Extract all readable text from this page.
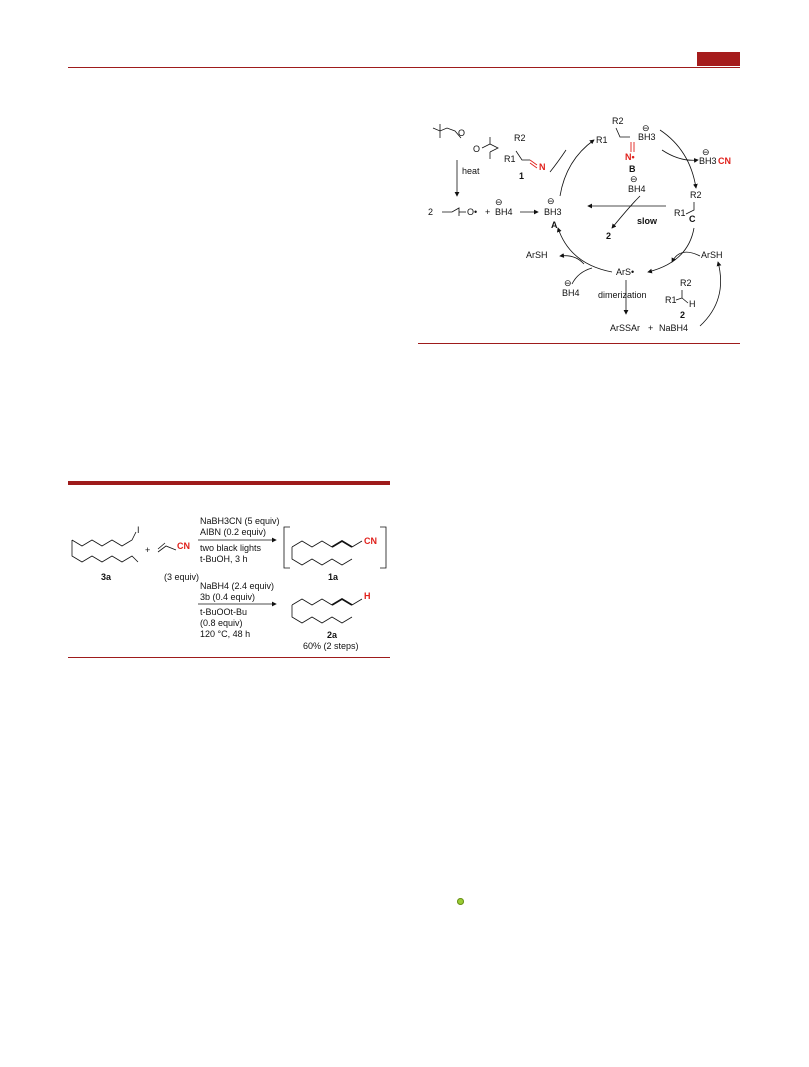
I
3a
+	CN
(3 equiv)
NaBH3CN (5 equiv)
AIBN (0.2 equiv)
two black lights
t-BuOH, 3 h
CN
1a
NaBH4 (2.4 equiv)
3b (0.4 equiv)
t-BuOOt-Bu
(0.8 equiv)
120 °C, 48 h
H
2a
60% (2 steps)
O
O
heat
2	O• +
⊖
BH4
⊖
BH3
A
R2
R1
N
1
R2
R1
⊖
BH3
N•
B
⊖
BH3 CN
R2
R1
C
⊖
BH4
2
slow
ArSH
⊖
BH4
ArS•
dimerization
ArSSAr + NaBH4
ArSH
R2
R1 H
2
